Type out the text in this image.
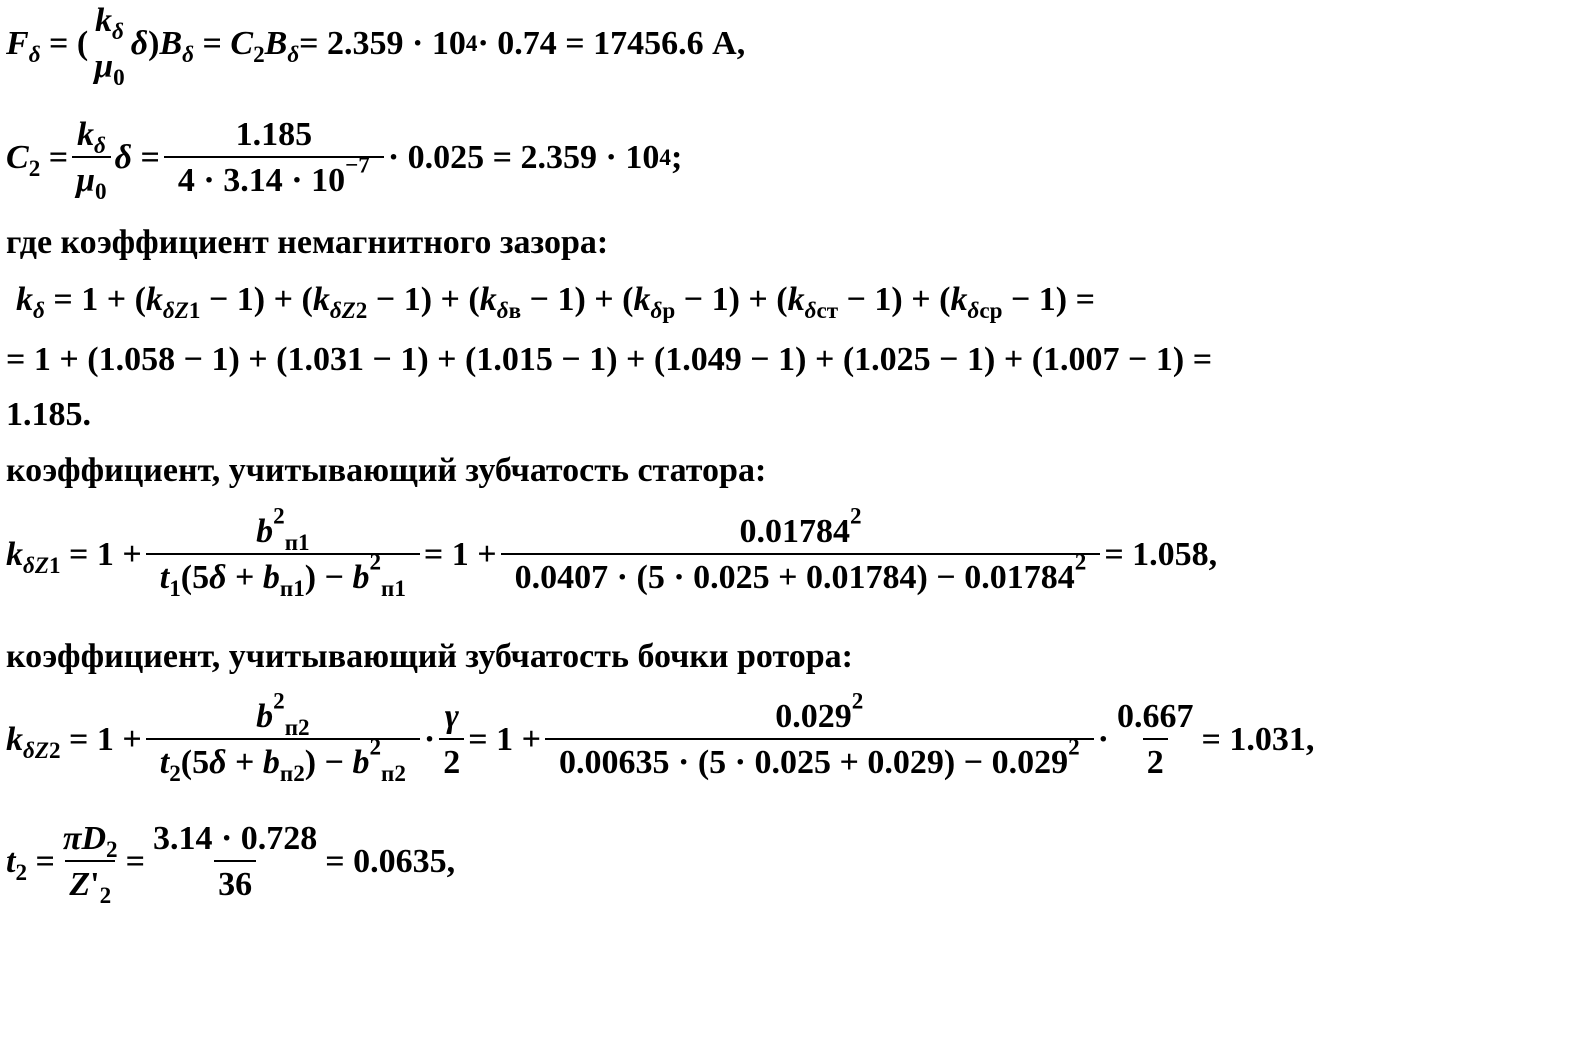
$F_\delta$ = (
$k_\delta$
$\mu_0$
$\delta)B_\delta = C_2B_\delta = 2.359 \cdot 10$ 4 · 0.74 = 17456.6 А,
$C_2 = \frac{k_\delta}{\mu_0}$ $\delta = \frac{1.185}{4 \cdot 3.14 \cdot 10^{-7}} \cdot 0.025 = 2.359 \cdot 10$ 4 ;
где коэффициент немагнитного зазора:
$k_\delta = 1 + (k_{\delta Z1} - 1) + (k_{\delta Z2} - 1) + (k_{\delta в} - 1) + (k_{\delta р} - 1) + (k_{\delta ст} - 1) + (k_{\delta ср} - 1)$ =
= 1 + (1.058 − 1) + (1.031 − 1) + (1.015 − 1) + (1.049 − 1) + (1.025 − 1) + (1.007 − 1) =
1.185.
коэффициент, учитывающий зубчатость статора:
$k_{\delta Z1} = 1 + \frac{b^2_{п1}}{t_1(5\delta + b_{п1}) - b^2_{п1}} = 1 + \frac{0.01784^2}{0.0407 \cdot (5 \cdot 0.025 + 0.01784) - 0.01784^2} = 1.058$,
коэффициент, учитывающий зубчатость бочки ротора:
$k_{\delta Z2} = 1 + \frac{b^2_{п2}}{t_2(5\delta + b_{п2}) - b^2_{п2}} \cdot \frac{\gamma}{2} = 1 + \frac{0.029^2}{0.00635 \cdot (5 \cdot 0.025 + 0.029) - 0.029^2} \cdot \frac{0.667}{2} = 1.031$,
$t_2 = \frac{\pi D_2}{Z'_2} = \frac{3.14 \cdot 0.728}{36} = 0.0635$,
